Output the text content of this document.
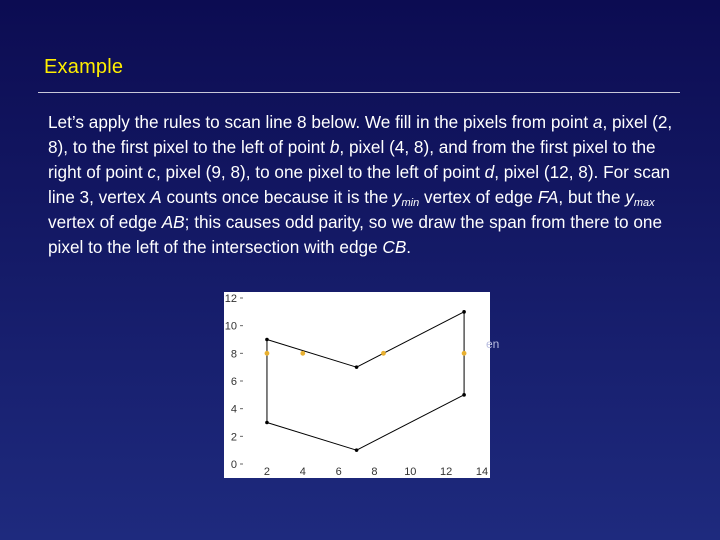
Example
Let’s apply the rules to scan line 8 below. We fill in the pixels from point a, pixel (2, 8), to the first pixel to the left of point b, pixel (4, 8), and from the first pixel to the right of point c, pixel (9, 8), to one pixel to the left of point d, pixel (12, 8). For scan line 3, vertex A counts once because it is the $y_{min}$ vertex of edge FA, but the $y_{max}$ vertex of edge AB; this causes odd parity, so we draw the span from there to one pixel to the left of the intersection with edge CB.
0
2
4
6
8
10
12
2	4	6	8 10 12 14
en
